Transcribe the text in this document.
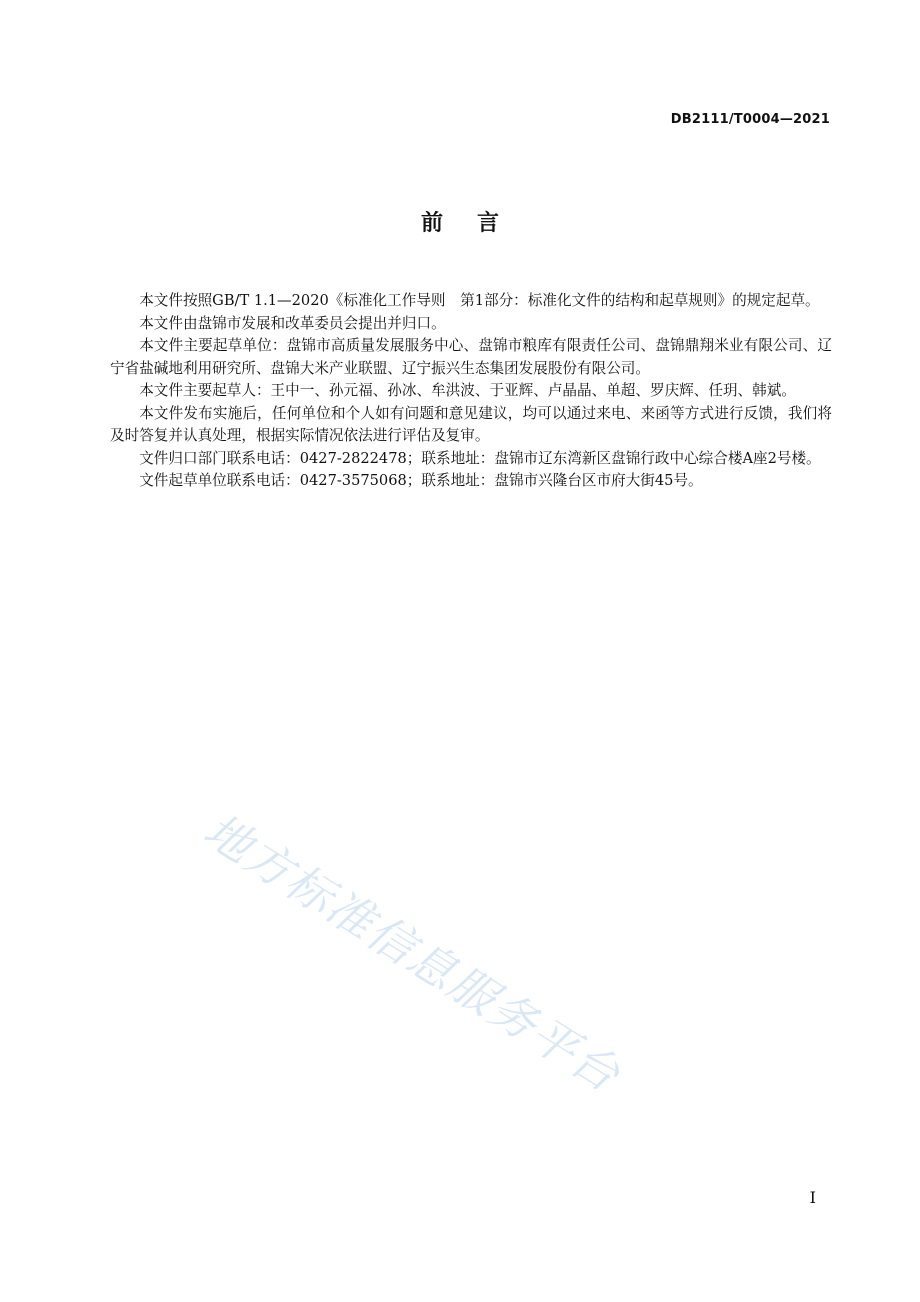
DB2111/T0004—2021
前言

本文件按照GB/T 1.1—2020《标准化工作导则　第1部分：标准化文件的结构和起草规则》的规定起草。

本文件由盘锦市发展和改革委员会提出并归口。

本文件主要起草单位：盘锦市高质量发展服务中心、盘锦市粮库有限责任公司、盘锦鼎翔米业有限公司、辽宁省盐碱地利用研究所、盘锦大米产业联盟、辽宁振兴生态集团发展股份有限公司。

本文件主要起草人：王中一、孙元福、孙冰、牟洪波、于亚辉、卢晶晶、单超、罗庆辉、任玥、韩斌。

本文件发布实施后，任何单位和个人如有问题和意见建议，均可以通过来电、来函等方式进行反馈，我们将及时答复并认真处理，根据实际情况依法进行评估及复审。

文件归口部门联系电话：0427-2822478；联系地址：盘锦市辽东湾新区盘锦行政中心综合楼A座2号楼。

文件起草单位联系电话：0427-3575068；联系地址：盘锦市兴隆台区市府大街45号。

地方标准信息服务平台
I
